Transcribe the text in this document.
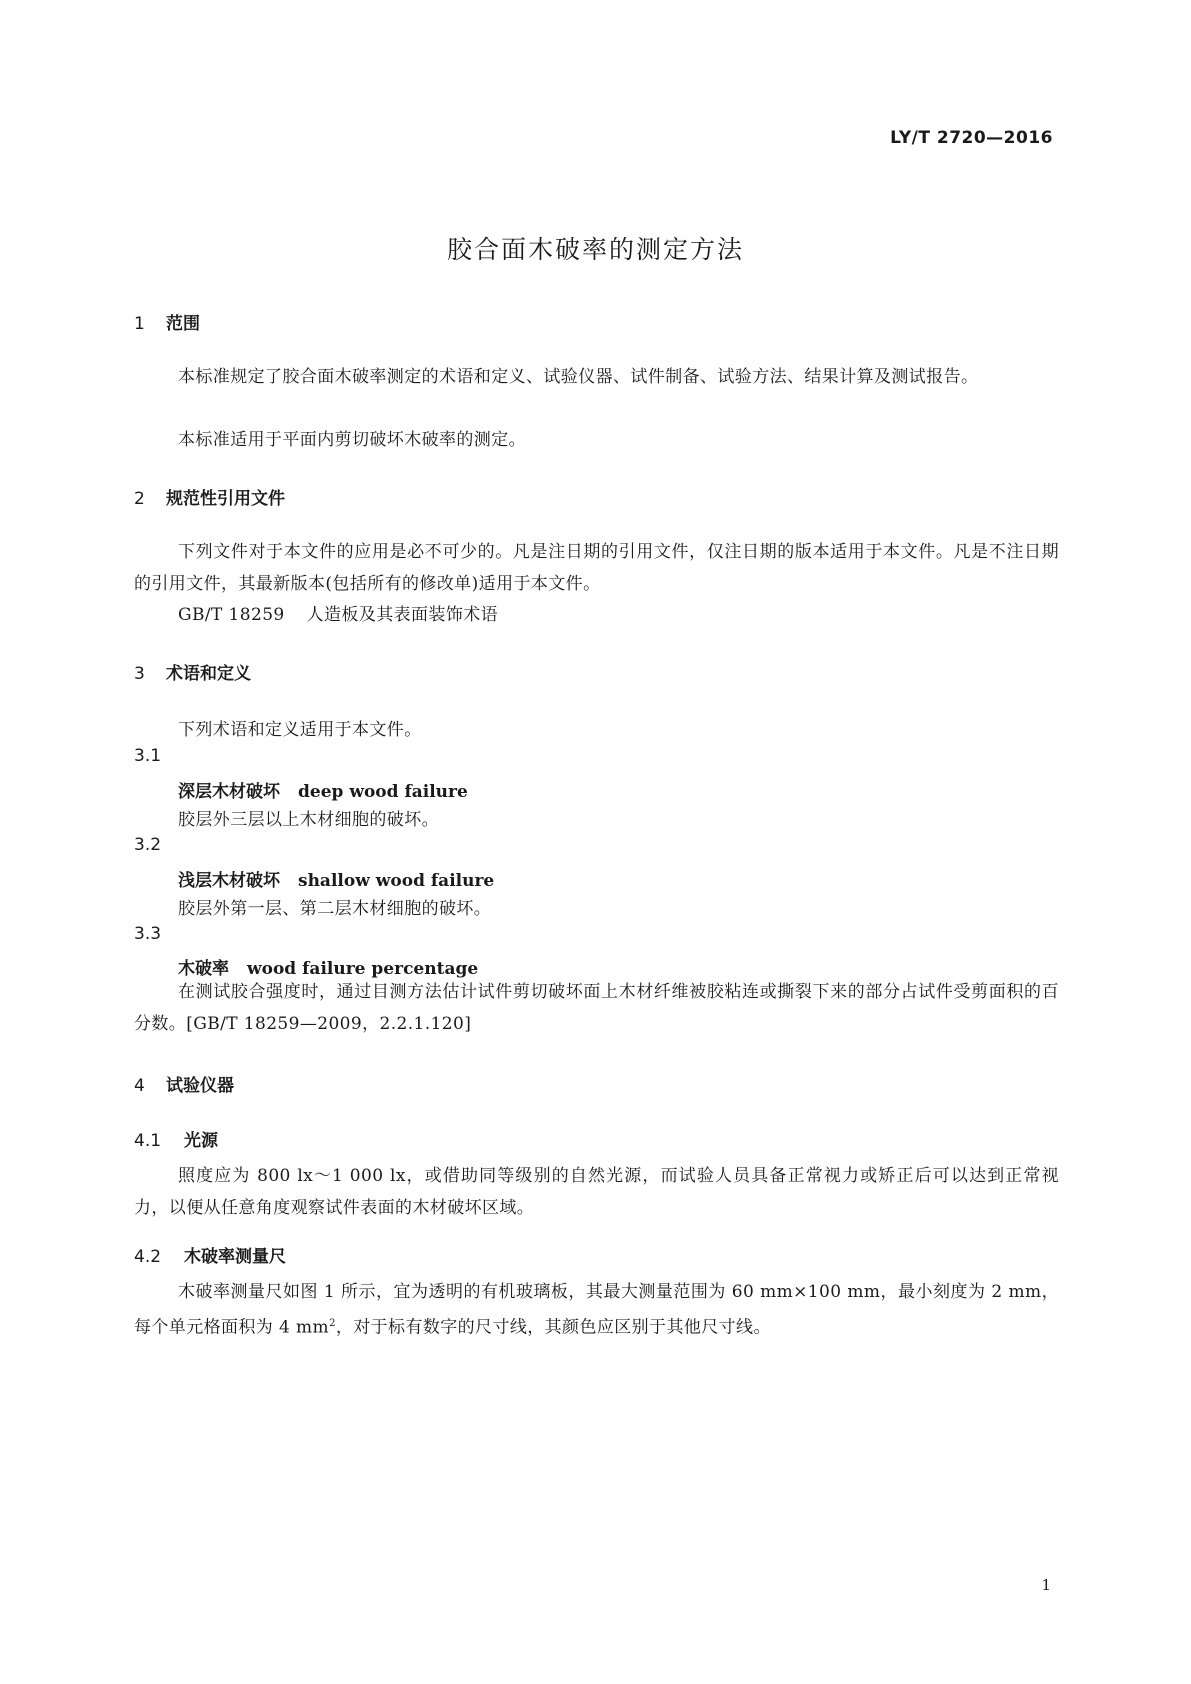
LY/T 2720—2016
胶合面木破率的测定方法
1 范围
本标准规定了胶合面木破率测定的术语和定义、试验仪器、试件制备、试验方法、结果计算及测试报告。
本标准适用于平面内剪切破坏木破率的测定。
2 规范性引用文件
下列文件对于本文件的应用是必不可少的。凡是注日期的引用文件，仅注日期的版本适用于本文件。凡是不注日期的引用文件，其最新版本(包括所有的修改单)适用于本文件。
GB/T 18259 人造板及其表面装饰术语
3 术语和定义
下列术语和定义适用于本文件。
3.1
深层木材破坏 deep wood failure
胶层外三层以上木材细胞的破坏。
3.2
浅层木材破坏 shallow wood failure
胶层外第一层、第二层木材细胞的破坏。
3.3
木破率 wood failure percentage
在测试胶合强度时，通过目测方法估计试件剪切破坏面上木材纤维被胶粘连或撕裂下来的部分占试件受剪面积的百分数。[GB/T 18259—2009，2.2.1.120]
4 试验仪器
4.1 光源
照度应为 800 lx～1 000 lx，或借助同等级别的自然光源，而试验人员具备正常视力或矫正后可以达到正常视力，以便从任意角度观察试件表面的木材破坏区域。
4.2 木破率测量尺
木破率测量尺如图 1 所示，宜为透明的有机玻璃板，其最大测量范围为 60 mm×100 mm，最小刻度为 2 mm，每个单元格面积为 4 $mm^2$，对于标有数字的尺寸线，其颜色应区别于其他尺寸线。
1
